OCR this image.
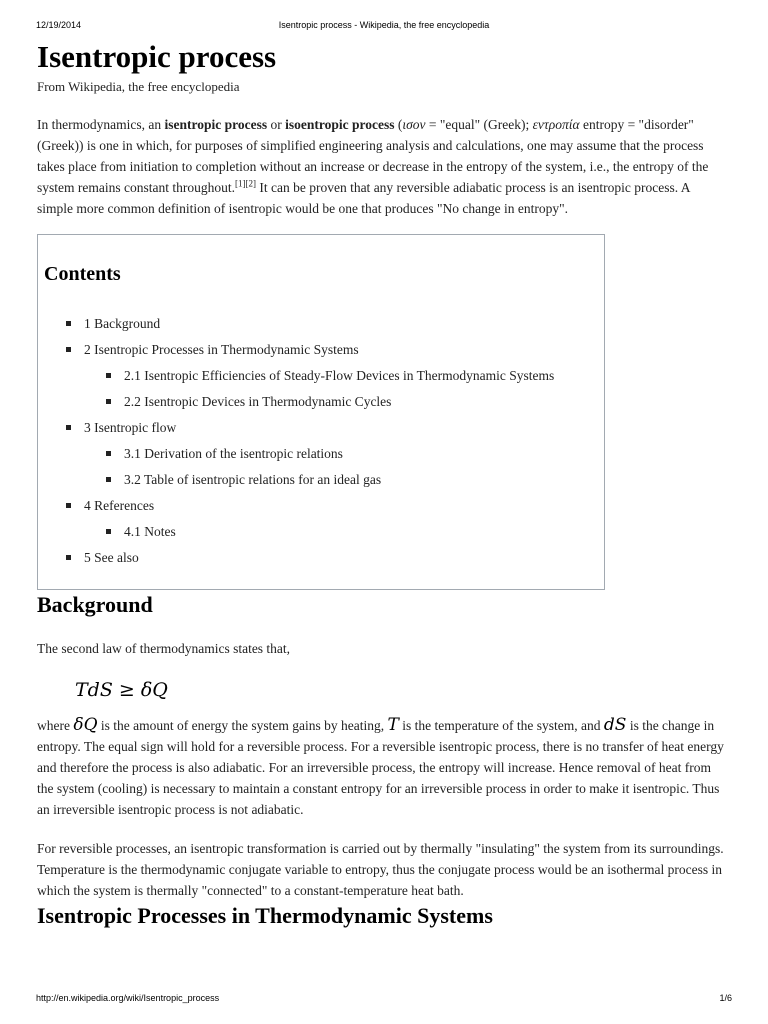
12/19/2014	Isentropic process - Wikipedia, the free encyclopedia
Isentropic process
From Wikipedia, the free encyclopedia

In thermodynamics, an isentropic process or isoentropic process (ισον = "equal" (Greek); εντροπία entropy = "disorder"(Greek)) is one in which, for purposes of simplified engineering analysis and calculations, one may assume that the process takes place from initiation to completion without an increase or decrease in the entropy of the system, i.e., the entropy of the system remains constant throughout.[1][2] It can be proven that any reversible adiabatic process is an isentropic process. A simple more common definition of isentropic would be one that produces "No change in entropy".

Contents
1 Background
2 Isentropic Processes in Thermodynamic Systems
2.1 Isentropic Efficiencies of Steady-Flow Devices in Thermodynamic Systems
2.2 Isentropic Devices in Thermodynamic Cycles
3 Isentropic flow
3.1 Derivation of the isentropic relations
3.2 Table of isentropic relations for an ideal gas
4 References
4.1 Notes
5 See also
Background

The second law of thermodynamics states that,

TdS ≥ δQ

where δQ is the amount of energy the system gains by heating, T is the temperature of the system, and dS is the change in entropy. The equal sign will hold for a reversible process. For a reversible isentropic process, there is no transfer of heat energy and therefore the process is also adiabatic. For an irreversible process, the entropy will increase. Hence removal of heat from the system (cooling) is necessary to maintain a constant entropy for an irreversible process in order to make it isentropic. Thus an irreversible isentropic process is not adiabatic.

For reversible processes, an isentropic transformation is carried out by thermally "insulating" the system from its surroundings. Temperature is the thermodynamic conjugate variable to entropy, thus the conjugate process would be an isothermal process in which the system is thermally "connected" to a constant-temperature heat bath.

Isentropic Processes in Thermodynamic Systems
http://en.wikipedia.org/wiki/Isentropic_process	1/6
